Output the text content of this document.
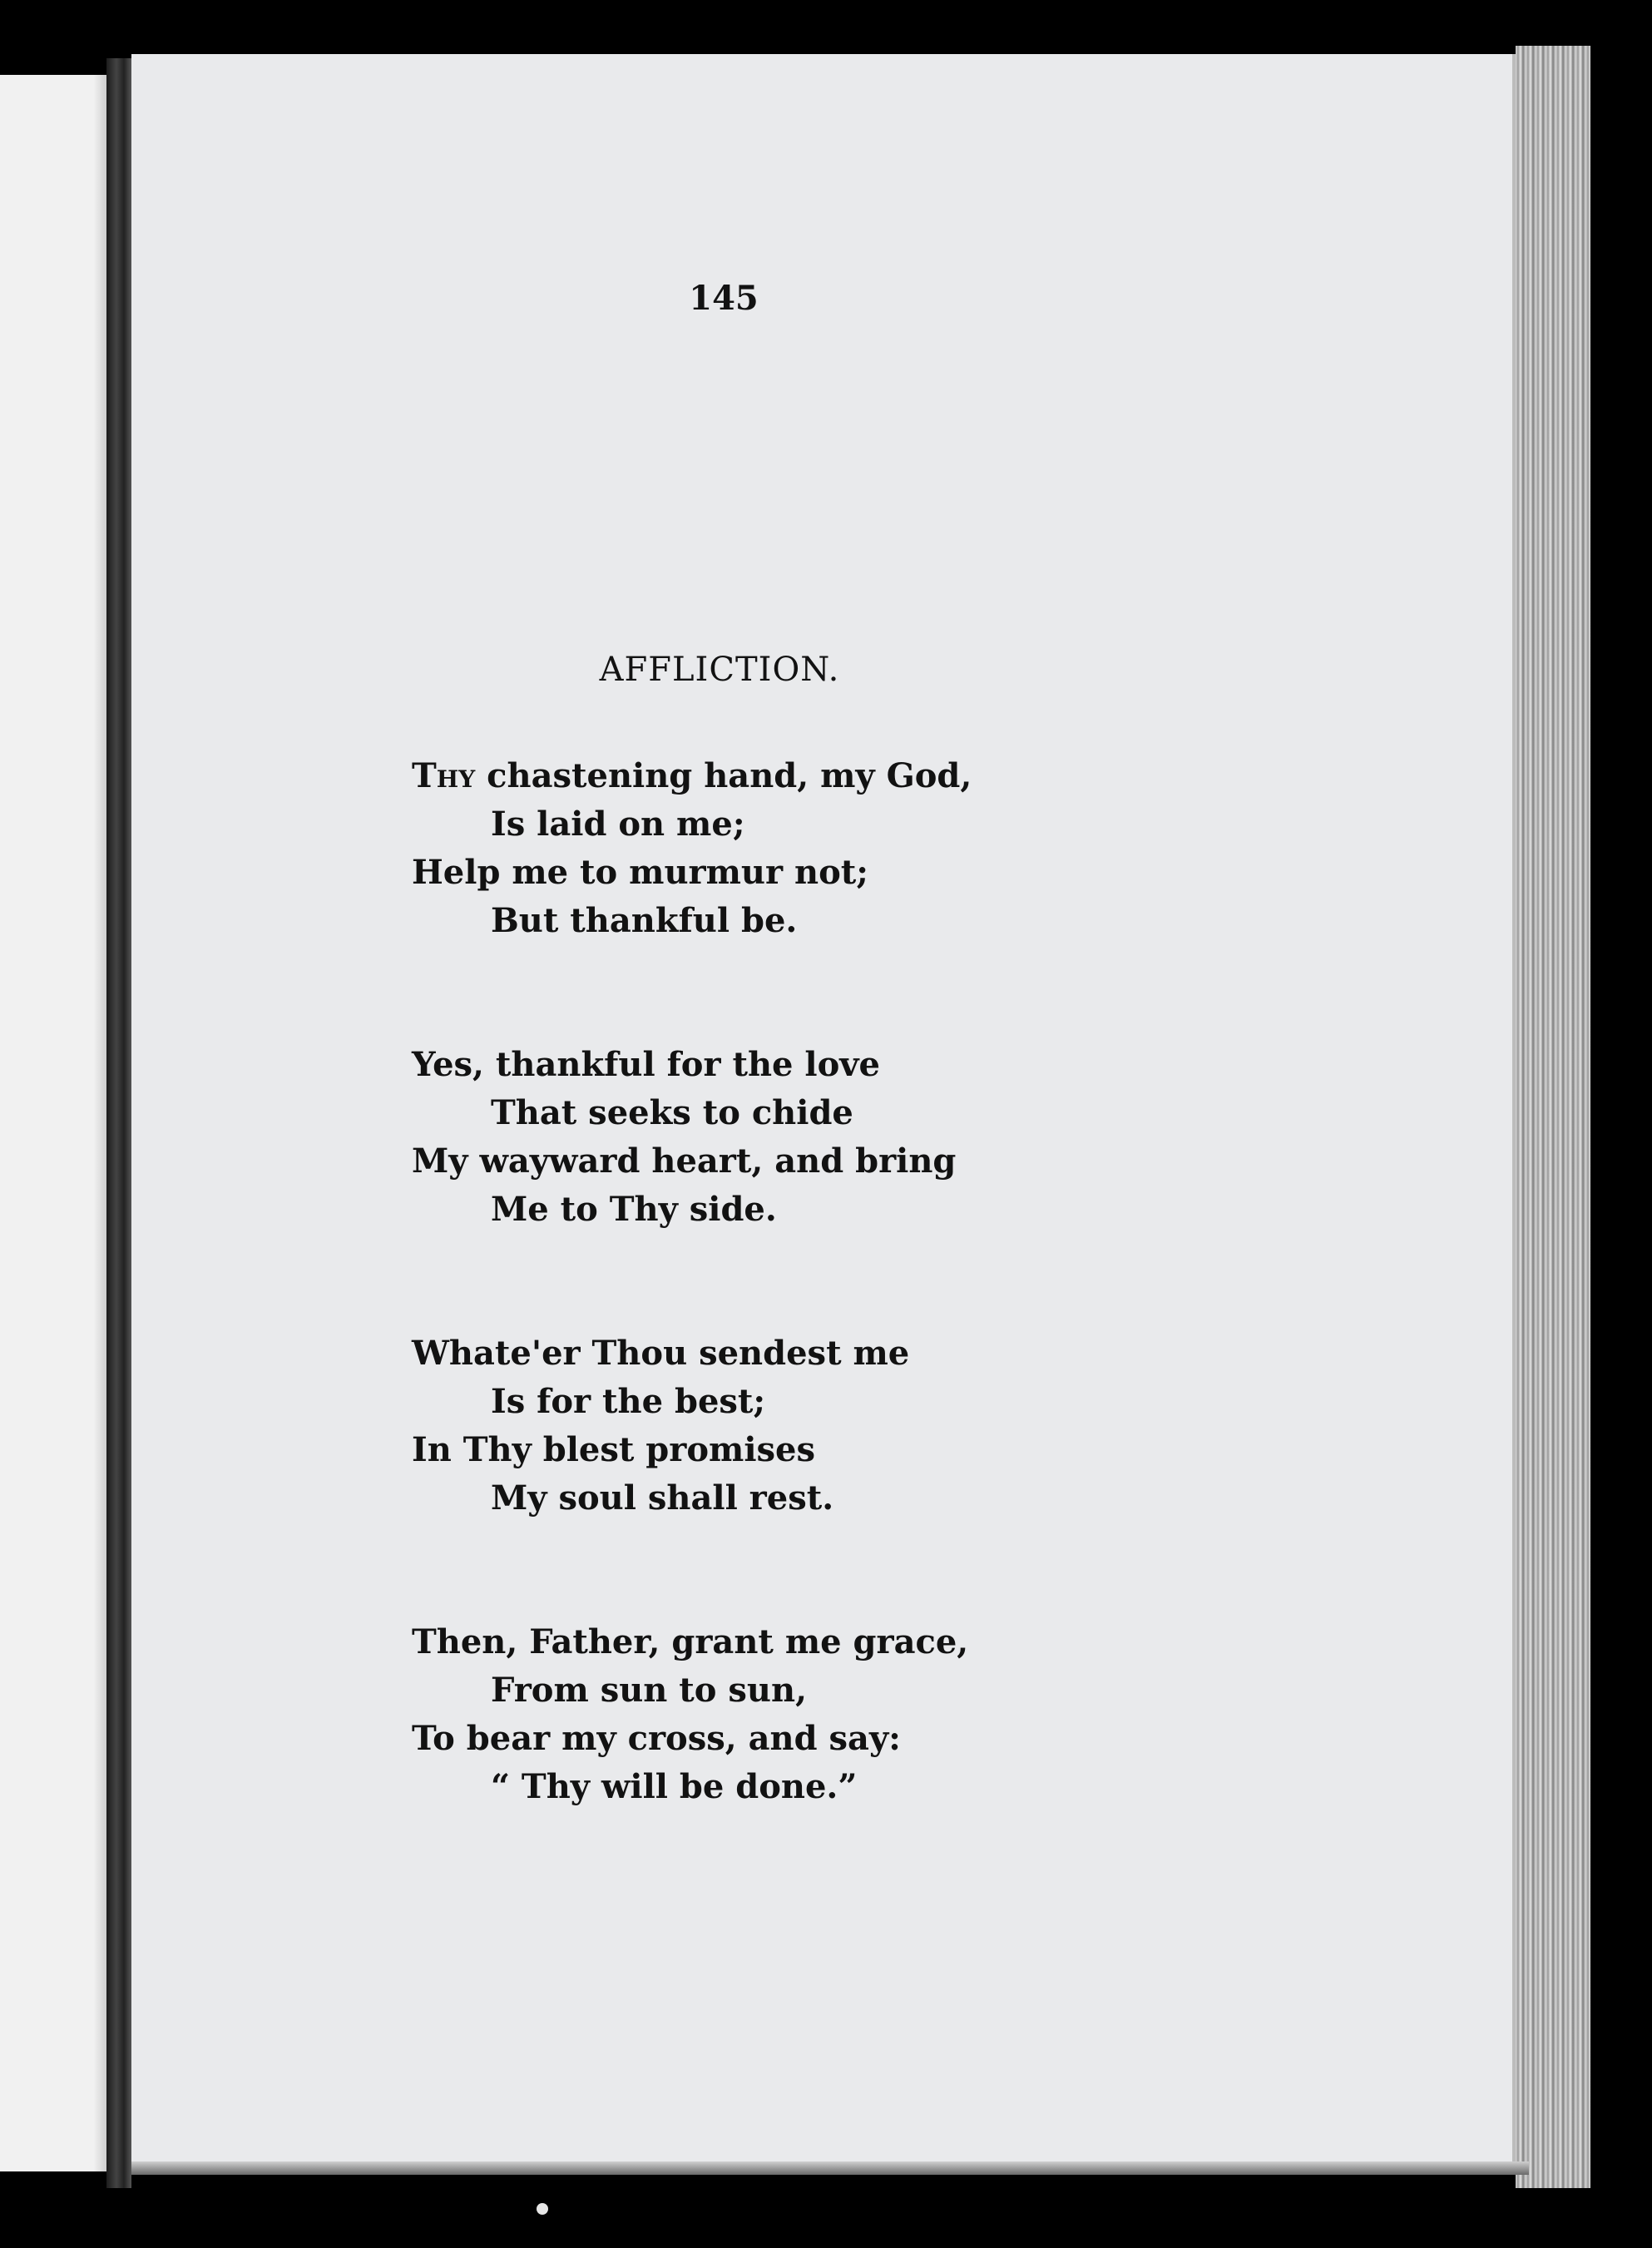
145
AFFLICTION.
Thy chastening hand, my God,
Is laid on me;
Help me to murmur not;
But thankful be.
Yes, thankful for the love
That seeks to chide
My wayward heart, and bring
Me to Thy side.
Whate'er Thou sendest me
Is for the best;
In Thy blest promises
My soul shall rest.
Then, Father, grant me grace,
From sun to sun,
To bear my cross, and say:
“ Thy will be done.”
